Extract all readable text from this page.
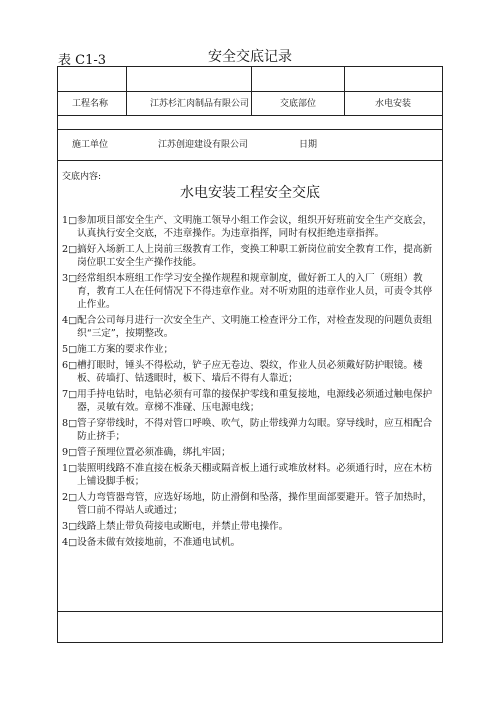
表 C1-3	安全交底记录
工程名称	江苏杉汇肉制品有限公司	交底部位	水电安装
施工单位	江苏创迎建设有限公司	日期
交底内容:
水电安装工程安全交底
1□ 参加项目部安全生产、文明施工领导小组工作会议，组织开好班前安全生产交底会，认真执行安全交底，不违章操作。为违章指挥，同时有权拒绝违章指挥。
2□ 搞好入场新工人上岗前三级教育工作，变换工种职工新岗位前安全教育工作，提高新岗位职工安全生产操作技能。
3□ 经常组织本班组工作学习安全操作规程和规章制度，做好新工人的入厂（班组）教育，教育工人在任何情况下不得违章作业。对不听劝阻的违章作业人员，可责令其停止作业。
4□ 配合公司每月进行一次安全生产、文明施工检查评分工作，对检查发现的问题负责组织“三定”，按期整改。
5□ 施工方案的要求作业；
6□ 槽打眼时，锤头不得松动，铲子应无卷边、裂纹，作业人员必须戴好防护眼镜。楼板、砖墙打、钻透眼时，板下、墙后不得有人靠近；
7□ 用手持电钻时，电钻必须有可靠的接保护零线和重复接地，电源线必须通过触电保护器，灵敏有效。章梯不准碰、压电源电线；
8□ 管子穿带线时，不得对管口呼唤、吹气，防止带线弹力勾眼。穿导线时，应互相配合防止挤手；
9□ 管子预埋位置必须准确，绑扎牢固；
1□ 装照明线路不准直接在板条天棚或隔音板上通行或堆放材料。必须通行时，应在木枋上铺设脚手板；
2□ 人力弯管器弯管，应选好场地，防止滑倒和坠落，操作里面部要避开。管子加热时，管口前不得站人或通过；
3□ 线路上禁止带负荷接电或断电，并禁止带电操作。
4□ 设备未做有效接地前，不准通电试机。
